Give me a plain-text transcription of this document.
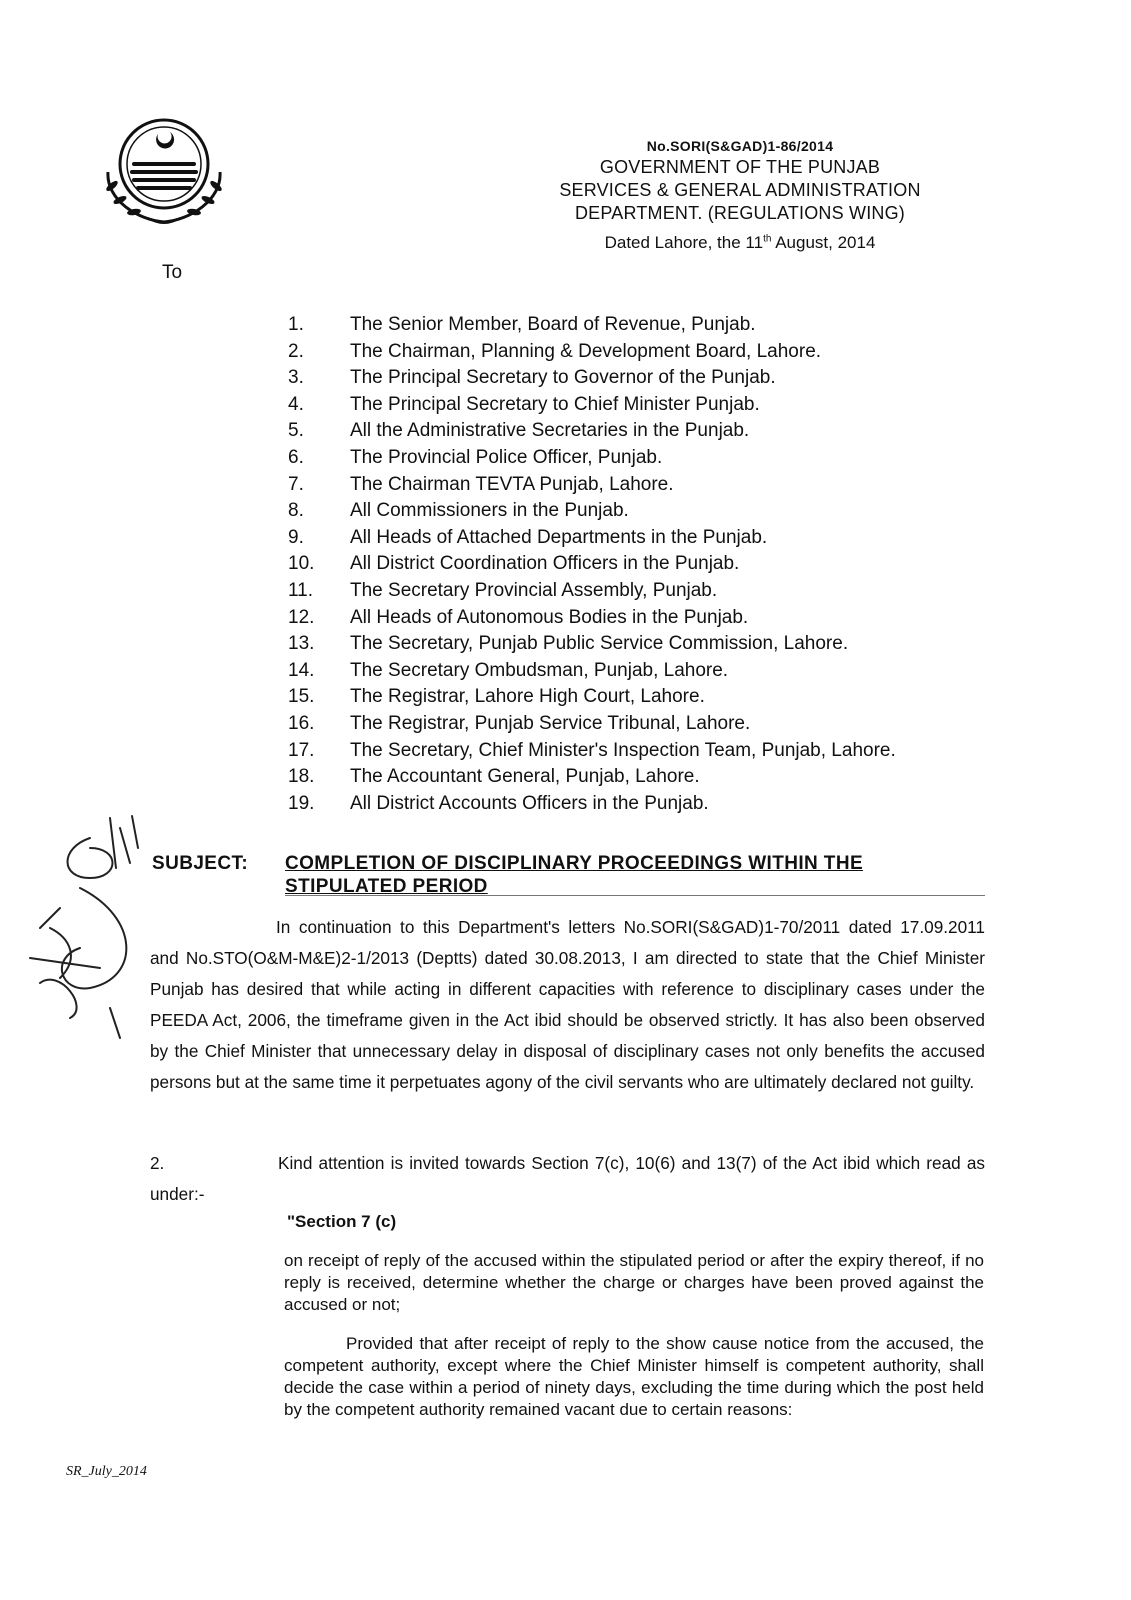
No.SORI(S&GAD)1-86/2014
GOVERNMENT OF THE PUNJAB
SERVICES & GENERAL ADMINISTRATION
DEPARTMENT. (REGULATIONS WING)
Dated Lahore, the 11th August, 2014
To
1.	The Senior Member, Board of Revenue, Punjab.
2.	The Chairman, Planning & Development Board, Lahore.
3.	The Principal Secretary to Governor of the Punjab.
4.	The Principal Secretary to Chief Minister Punjab.
5.	All the Administrative Secretaries in the Punjab.
6.	The Provincial Police Officer, Punjab.
7.	The Chairman TEVTA Punjab, Lahore.
8.	All Commissioners in the Punjab.
9.	All Heads of Attached Departments in the Punjab.
10.	All District Coordination Officers in the Punjab.
11.	The Secretary Provincial Assembly, Punjab.
12.	All Heads of Autonomous Bodies in the Punjab.
13.	The Secretary, Punjab Public Service Commission, Lahore.
14.	The Secretary Ombudsman, Punjab, Lahore.
15.	The Registrar, Lahore High Court, Lahore.
16.	The Registrar, Punjab Service Tribunal, Lahore.
17.	The Secretary, Chief Minister's Inspection Team, Punjab, Lahore.
18.	The Accountant General, Punjab, Lahore.
19.	All District Accounts Officers in the Punjab.
SUBJECT: COMPLETION OF DISCIPLINARY PROCEEDINGS WITHIN THE
STIPULATED PERIOD
In continuation to this Department's letters No.SORI(S&GAD)1-70/2011 dated 17.09.2011 and No.STO(O&M-M&E)2-1/2013 (Deptts) dated 30.08.2013, I am directed to state that the Chief Minister Punjab has desired that while acting in different capacities with reference to disciplinary cases under the PEEDA Act, 2006, the timeframe given in the Act ibid should be observed strictly. It has also been observed by the Chief Minister that unnecessary delay in disposal of disciplinary cases not only benefits the accused persons but at the same time it perpetuates agony of the civil servants who are ultimately declared not guilty.
2.	Kind attention is invited towards Section 7(c), 10(6) and 13(7) of the Act ibid which read as under:-
"Section 7 (c)
on receipt of reply of the accused within the stipulated period or after the expiry thereof, if no reply is received, determine whether the charge or charges have been proved against the accused or not;
Provided that after receipt of reply to the show cause notice from the accused, the competent authority, except where the Chief Minister himself is competent authority, shall decide the case within a period of ninety days, excluding the time during which the post held by the competent authority remained vacant due to certain reasons:
SR_July_2014
